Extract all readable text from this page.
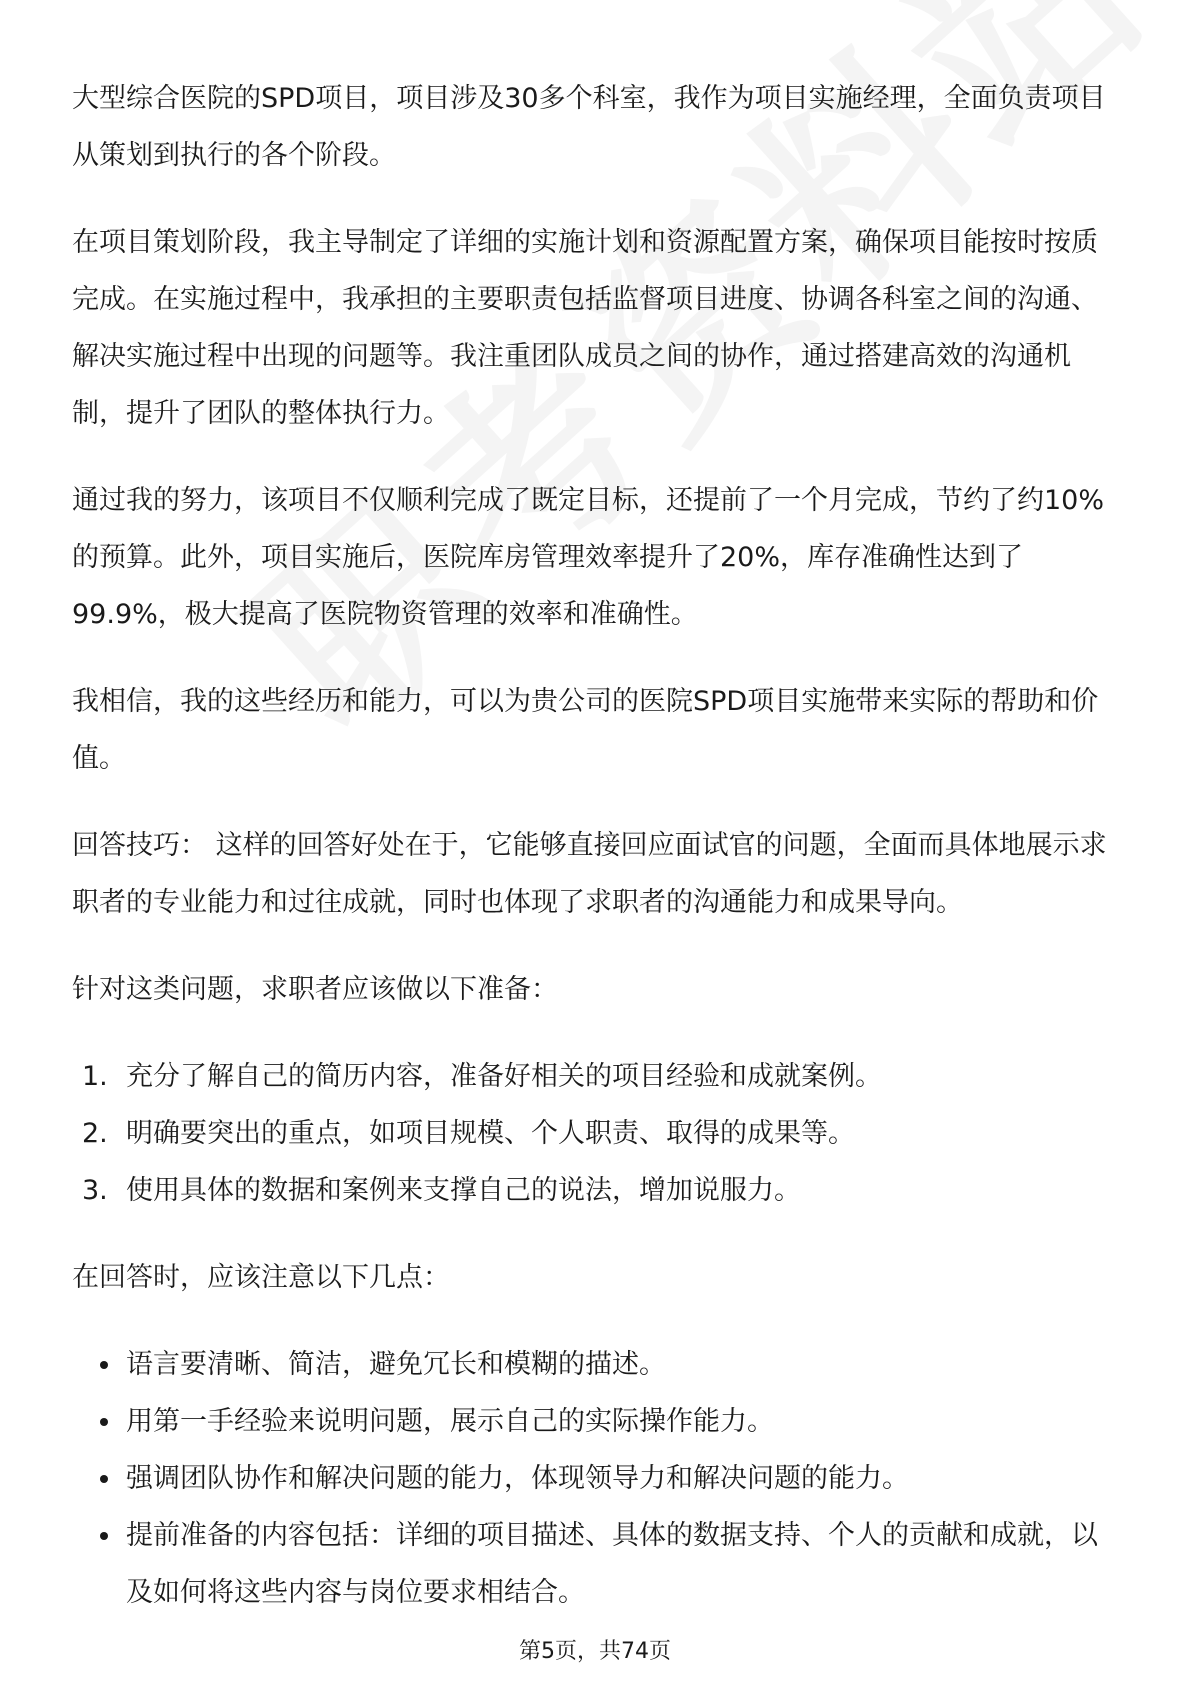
大型综合医院的SPD项目，项目涉及30多个科室，我作为项目实施经理，全面负责项目从策划到执行的各个阶段。

在项目策划阶段，我主导制定了详细的实施计划和资源配置方案，确保项目能按时按质完成。在实施过程中，我承担的主要职责包括监督项目进度、协调各科室之间的沟通、解决实施过程中出现的问题等。我注重团队成员之间的协作，通过搭建高效的沟通机制，提升了团队的整体执行力。

通过我的努力，该项目不仅顺利完成了既定目标，还提前了一个月完成，节约了约10%的预算。此外，项目实施后，医院库房管理效率提升了20%，库存准确性达到了99.9%，极大提高了医院物资管理的效率和准确性。

我相信，我的这些经历和能力，可以为贵公司的医院SPD项目实施带来实际的帮助和价值。

回答技巧： 这样的回答好处在于，它能够直接回应面试官的问题，全面而具体地展示求职者的专业能力和过往成就，同时也体现了求职者的沟通能力和成果导向。

针对这类问题，求职者应该做以下准备：

1. 充分了解自己的简历内容，准备好相关的项目经验和成就案例。
2. 明确要突出的重点，如项目规模、个人职责、取得的成果等。
3. 使用具体的数据和案例来支撑自己的说法，增加说服力。

在回答时，应该注意以下几点：

语言要清晰、简洁，避免冗长和模糊的描述。
用第一手经验来说明问题，展示自己的实际操作能力。
强调团队协作和解决问题的能力，体现领导力和解决问题的能力。
提前准备的内容包括：详细的项目描述、具体的数据支持、个人的贡献和成就，以及如何将这些内容与岗位要求相结合。
第5页，共74页
